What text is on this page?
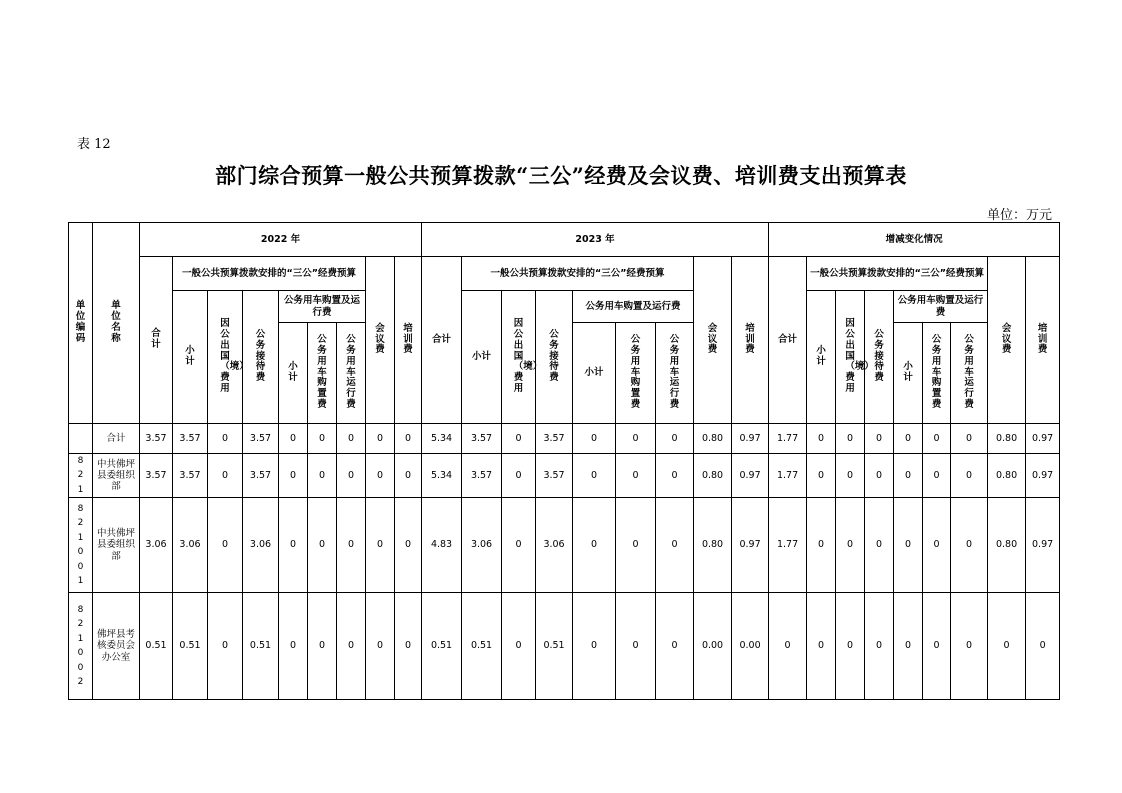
表 12
部门综合预算一般公共预算拨款“三公”经费及会议费、培训费支出预算表
单位：万元
单位编码	单位名称	2022 年									2023 年									增减变化情况								
		合计	一般公共预算拨款安排的“三公”经费预算						会议费	培训费	合计	一般公共预算拨款安排的“三公”经费预算						会议费	培训费	合计	一般公共预算拨款安排的“三公”经费预算						会议费	培训费
			小计	因公出国（境）费用	公务接待费	公务用车购置及运行费						小计	因公出国（境）费用	公务接待费	公务用车购置及运行费						小计	因公出国（境）费用	公务接待费	公务用车购置及运行费				

						小计	公务用车购置费	公务用车运行费							小计	公务用车购置费	公务用车运行费							小计	公务用车购置费	公务用车运行费		

	合计	3.57	3.57	0	3.57	0	0	0	0	0	5.34	3.57	0	3.57	0	0	0	0.80	0.97	1.77	0	0	0	0	0	0	0.80	0.97
821	中共佛坪县委组织部	3.57	3.57	0	3.57	0	0	0	0	0	5.34	3.57	0	3.57	0	0	0	0.80	0.97	1.77	0	0	0	0	0	0	0.80	0.97
821001	中共佛坪县委组织部	3.06	3.06	0	3.06	0	0	0	0	0	4.83	3.06	0	3.06	0	0	0	0.80	0.97	1.77	0	0	0	0	0	0	0.80	0.97
821002	佛坪县考核委员会办公室	0.51	0.51	0	0.51	0	0	0	0	0	0.51	0.51	0	0.51	0	0	0	0.00	0.00	0	0	0	0	0	0	0	0	0
